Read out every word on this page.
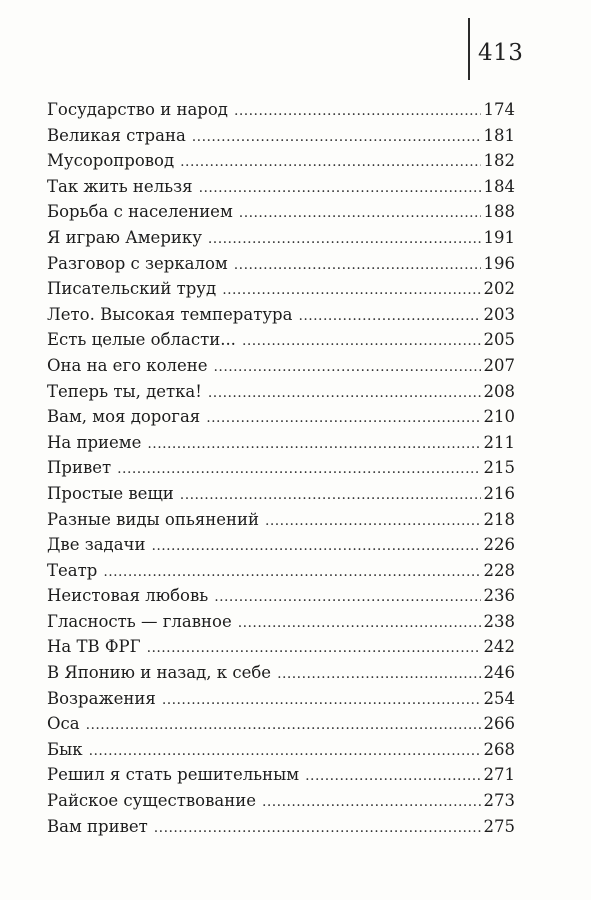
413
Государство и народ . . .	174
Великая страна . . .	181
Мусоропровод . . .	182
Так жить нельзя . . .	184
Борьба с населением . . .	188
Я играю Америку . . .	191
Разговор с зеркалом . . .	196
Писательский труд . . .	202
Лето. Высокая температура . . .	203
Есть целые области... . . .	205
Она на его колене . . .	207
Теперь ты, детка! . . .	208
Вам, моя дорогая . . .	210
На приеме . . .	211
Привет . . .	215
Простые вещи . . .	216
Разные виды опьянений . . .	218
Две задачи . . .	226
Театр . . .	228
Неистовая любовь . . .	236
Гласность — главное . . .	238
На ТВ ФРГ . . .	242
В Японию и назад, к себе . . .	246
Возражения . . .	254
Оса . . .	266
Бык . . .	268
Решил я стать решительным . . .	271
Райское существование . . .	273
Вам привет . . .	275
